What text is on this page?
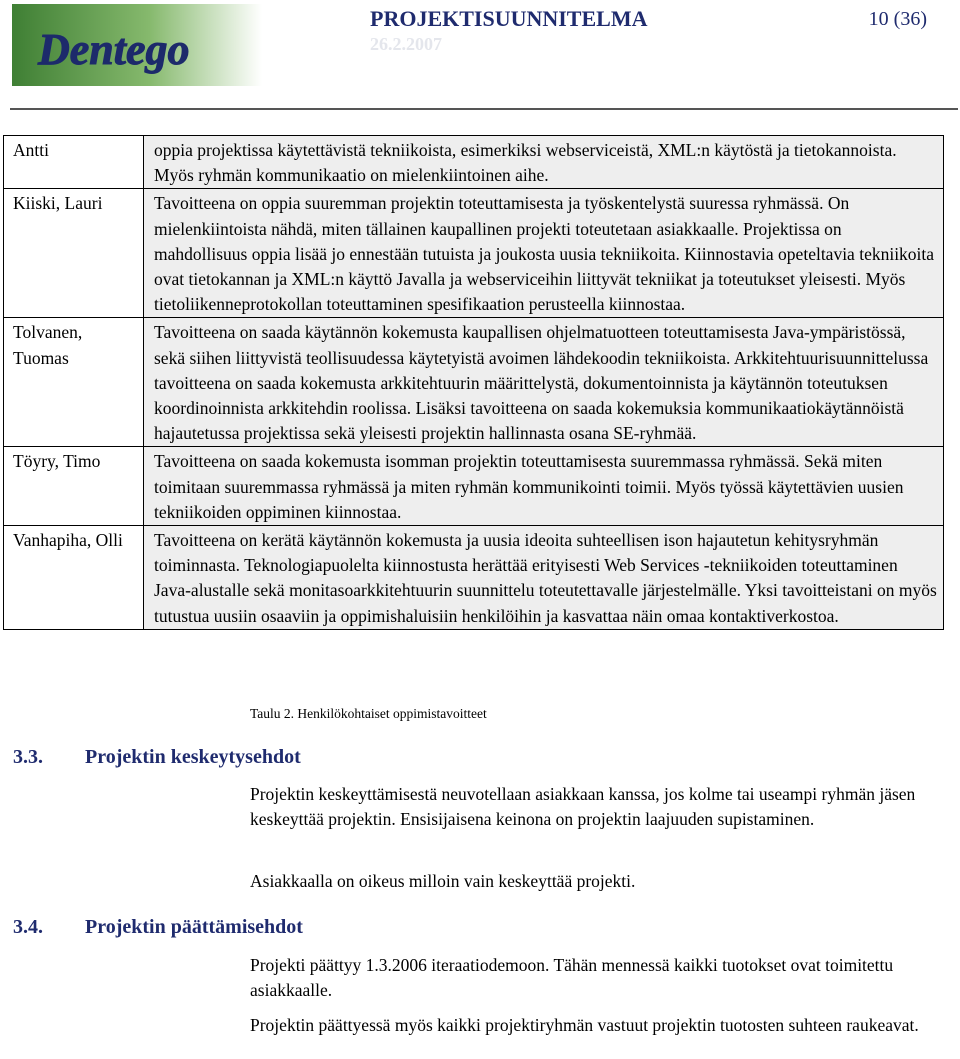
Dentego
PROJEKTISUUNNITELMA
26.2.2007
10 (36)
Antti	oppia projektissa käytettävistä tekniikoista, esimerkiksi webserviceistä, XML:n käytöstä ja tietokannoista. Myös ryhmän kommunikaatio on mielenkiintoinen aihe.
Kiiski, Lauri	Tavoitteena on oppia suuremman projektin toteuttamisesta ja työskentelystä suuressa ryhmässä. On mielenkiintoista nähdä, miten tällainen kaupallinen projekti toteutetaan asiakkaalle. Projektissa on mahdollisuus oppia lisää jo ennestään tutuista ja joukosta uusia tekniikoita. Kiinnostavia opeteltavia tekniikoita ovat tietokannan ja XML:n käyttö Javalla ja webserviceihin liittyvät tekniikat ja toteutukset yleisesti. Myös tietoliikenneprotokollan toteuttaminen spesifikaation perusteella kiinnostaa.
Tolvanen, Tuomas	Tavoitteena on saada käytännön kokemusta kaupallisen ohjelmatuotteen toteuttamisesta Java-ympäristössä, sekä siihen liittyvistä teollisuudessa käytetyistä avoimen lähdekoodin tekniikoista. Arkkitehtuurisuunnittelussa tavoitteena on saada kokemusta arkkitehtuurin määrittelystä, dokumentoinnista ja käytännön toteutuksen koordinoinnista arkkitehdin roolissa. Lisäksi tavoitteena on saada kokemuksia kommunikaatiokäytännöistä hajautetussa projektissa sekä yleisesti projektin hallinnasta osana SE-ryhmää.
Töyry, Timo	Tavoitteena on saada kokemusta isomman projektin toteuttamisesta suuremmassa ryhmässä. Sekä miten toimitaan suuremmassa ryhmässä ja miten ryhmän kommunikointi toimii. Myös työssä käytettävien uusien tekniikoiden oppiminen kiinnostaa.
Vanhapiha, Olli	Tavoitteena on kerätä käytännön kokemusta ja uusia ideoita suhteellisen ison hajautetun kehitysryhmän toiminnasta. Teknologiapuolelta kiinnostusta herättää erityisesti Web Services -tekniikoiden toteuttaminen Java-alustalle sekä monitasoarkkitehtuurin suunnittelu toteutettavalle järjestelmälle. Yksi tavoitteistani on myös tutustua uusiin osaaviin ja oppimishaluisiin henkilöihin ja kasvattaa näin omaa kontaktiverkostoa.
Taulu 2. Henkilökohtaiset oppimistavoitteet
3.3. Projektin keskeytysehdot
Projektin keskeyttämisestä neuvotellaan asiakkaan kanssa, jos kolme tai useampi ryhmän jäsen keskeyttää projektin. Ensisijaisena keinona on projektin laajuuden supistaminen.
Asiakkaalla on oikeus milloin vain keskeyttää projekti.
3.4. Projektin päättämisehdot
Projekti päättyy 1.3.2006 iteraatiodemoon. Tähän mennessä kaikki tuotokset ovat toimitettu asiakkaalle.
Projektin päättyessä myös kaikki projektiryhmän vastuut projektin tuotosten suhteen raukeavat.
